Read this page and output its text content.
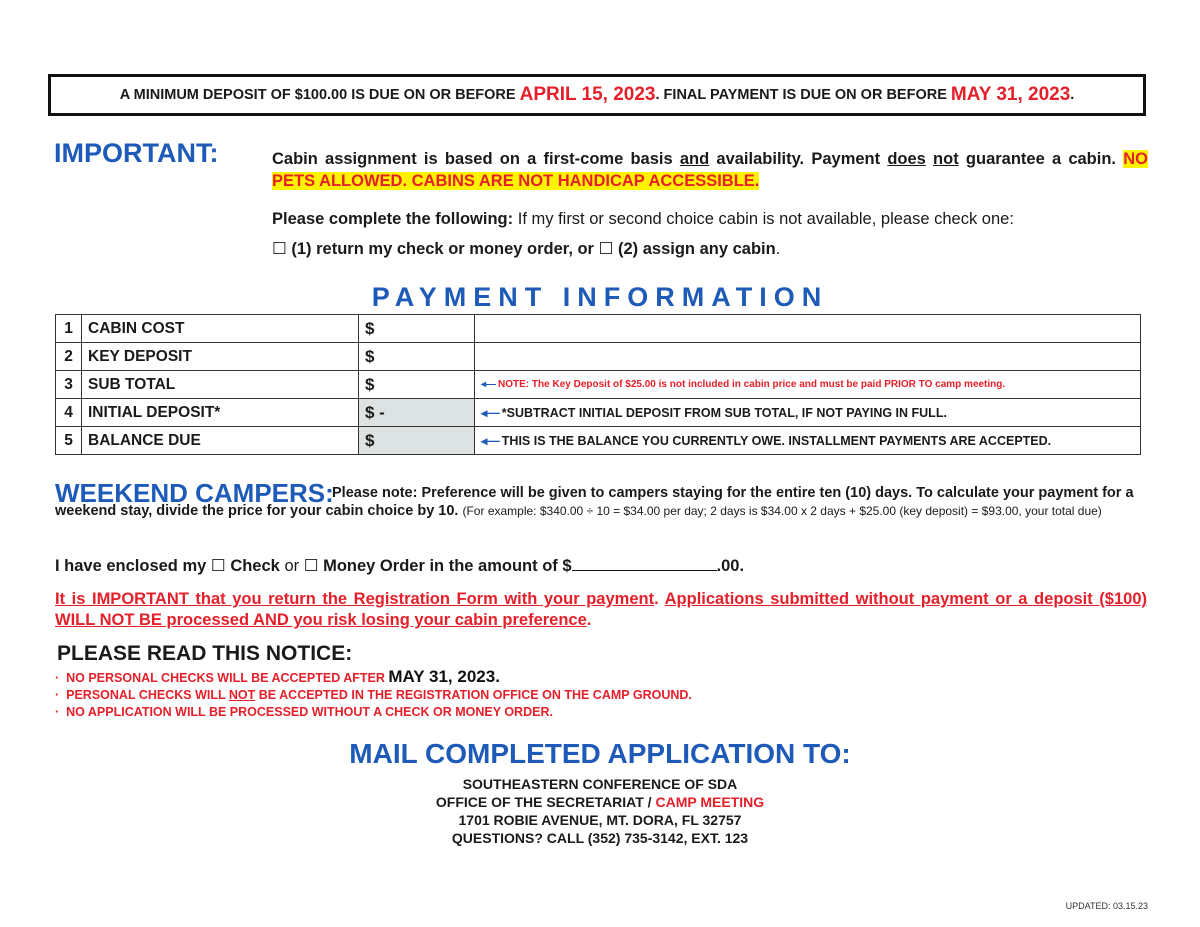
A MINIMUM DEPOSIT OF $100.00 IS DUE ON OR BEFORE
APRIL 15, 2023 . FINAL PAYMENT IS DUE ON OR BEFORE
MAY 31, 2023 .
IMPORTANT:	Cabin assignment is based on a first-come basis and availability. Payment does not guarantee a cabin. NO PETS ALLOWED. CABINS ARE NOT HANDICAP ACCESSIBLE.
Please complete the following: If my first or second choice cabin is not available, please check one:
☐ (1) return my check or money order, or ☐ (2) assign any cabin.
PAYMENT INFORMATION
1	CABIN COST	$	
2	KEY DEPOSIT	$	
3	SUB TOTAL	$	◂— NOTE: The Key Deposit of $25.00 is not included in cabin price and must be paid PRIOR TO camp meeting.
4	INITIAL DEPOSIT*	$ -	◂— *SUBTRACT INITIAL DEPOSIT FROM SUB TOTAL, IF NOT PAYING IN FULL.
5	BALANCE DUE	$	◂— THIS IS THE BALANCE YOU CURRENTLY OWE. INSTALLMENT PAYMENTS ARE ACCEPTED.
WEEKEND CAMPERS:
Please note: Preference will be given to campers staying for the entire ten (10) days. To calculate your payment for a weekend stay, divide the price for your cabin choice by 10. (For example: $340.00 ÷ 10 = $34.00 per day; 2 days is $34.00 x 2 days + $25.00 (key deposit) = $93.00, your total due)
I have enclosed my ☐ Check or ☐ Money Order in the amount of $	.00.
It is IMPORTANT that you return the Registration Form with your payment. Applications submitted without payment or a deposit ($100) WILL NOT BE processed AND you risk losing your cabin preference.
PLEASE READ THIS NOTICE:
· NO PERSONAL CHECKS WILL BE ACCEPTED AFTER MAY 31, 2023.
· PERSONAL CHECKS WILL NOT BE ACCEPTED IN THE REGISTRATION OFFICE ON THE CAMP GROUND.
· NO APPLICATION WILL BE PROCESSED WITHOUT A CHECK OR MONEY ORDER.
MAIL COMPLETED APPLICATION TO:
SOUTHEASTERN CONFERENCE OF SDA
OFFICE OF THE SECRETARIAT / CAMP MEETING
1701 ROBIE AVENUE, MT. DORA, FL 32757
QUESTIONS? CALL (352) 735-3142, EXT. 123
UPDATED: 03.15.23
